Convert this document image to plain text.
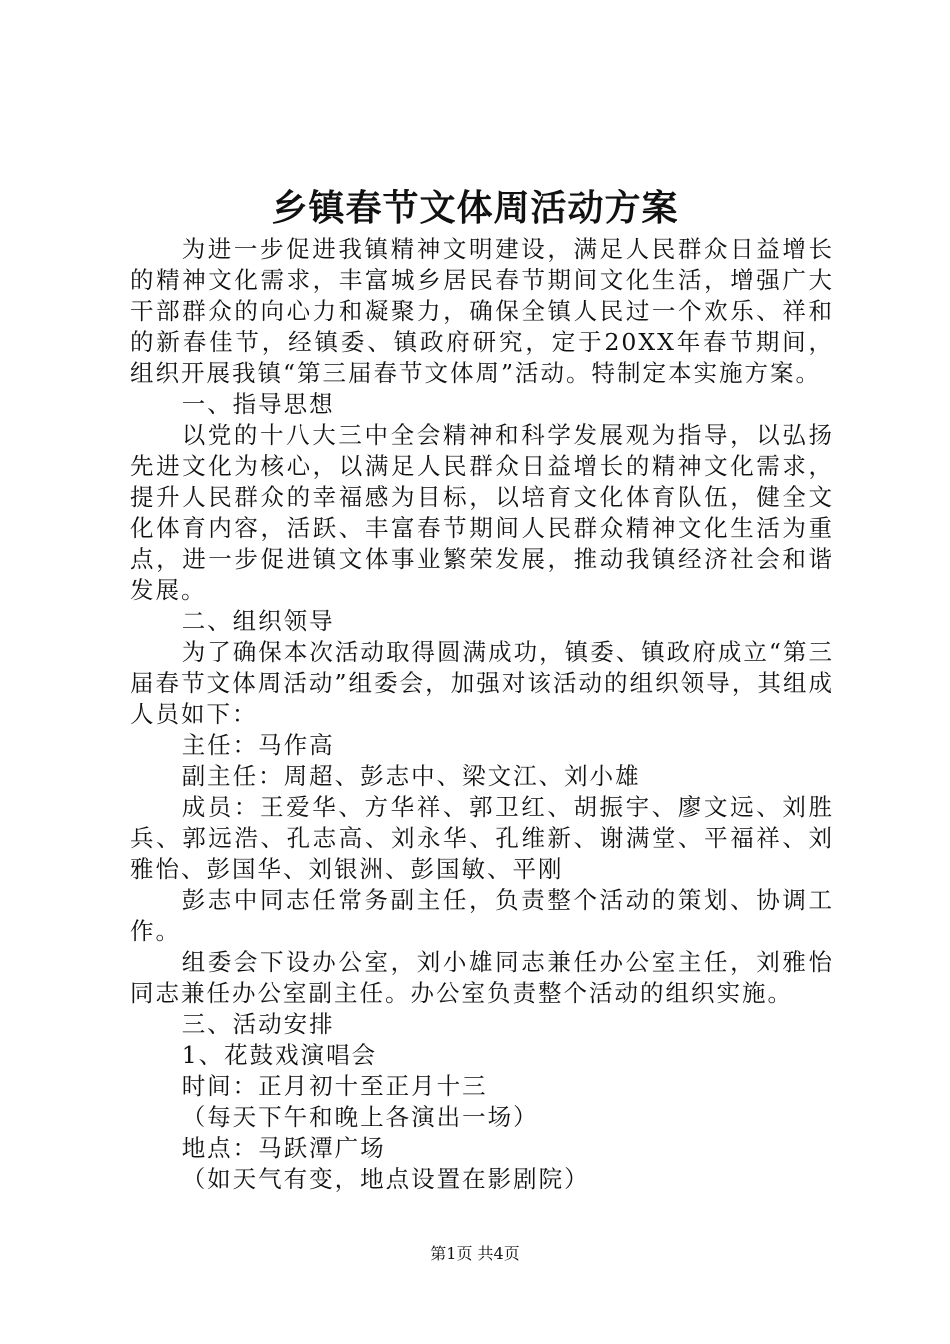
乡镇春节文体周活动方案

为进一步促进我镇精神文明建设，满足人民群众日益增长的精神文化需求，丰富城乡居民春节期间文化生活，增强广大干部群众的向心力和凝聚力，确保全镇人民过一个欢乐、祥和的新春佳节，经镇委、镇政府研究，定于20XX年春节期间，组织开展我镇“第三届春节文体周”活动。特制定本实施方案。

一、指导思想

以党的十八大三中全会精神和科学发展观为指导，以弘扬先进文化为核心，以满足人民群众日益增长的精神文化需求，提升人民群众的幸福感为目标，以培育文化体育队伍，健全文化体育内容，活跃、丰富春节期间人民群众精神文化生活为重点，进一步促进镇文体事业繁荣发展，推动我镇经济社会和谐发展。

二、组织领导

为了确保本次活动取得圆满成功，镇委、镇政府成立“第三届春节文体周活动”组委会，加强对该活动的组织领导，其组成人员如下：

主任：马作高

副主任：周超、彭志中、梁文江、刘小雄

成员：王爱华、方华祥、郭卫红、胡振宇、廖文远、刘胜兵、郭远浩、孔志高、刘永华、孔维新、谢满堂、平福祥、刘雅怡、彭国华、刘银洲、彭国敏、平刚

彭志中同志任常务副主任，负责整个活动的策划、协调工作。

组委会下设办公室，刘小雄同志兼任办公室主任，刘雅怡同志兼任办公室副主任。办公室负责整个活动的组织实施。

三、活动安排

1、花鼓戏演唱会

时间：正月初十至正月十三

（每天下午和晚上各演出一场）

地点：马跃潭广场

（如天气有变，地点设置在影剧院）

第1页 共4页
